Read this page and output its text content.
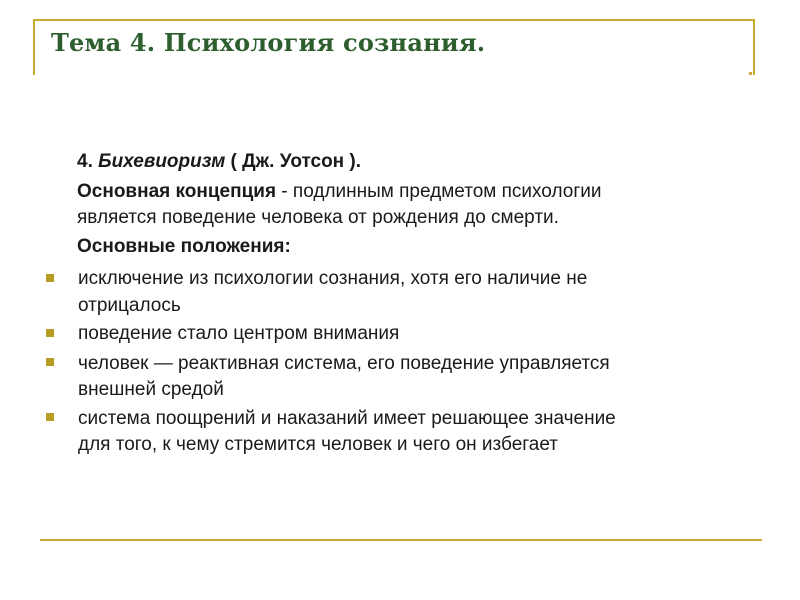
Тема 4. Психология сознания.
4. Бихевиоризм ( Дж. Уотсон ).
Основная концепция - подлинным предметом психологии
является поведение человека от рождения до смерти.
Основные положения:
исключение из психологии сознания, хотя его наличие не
отрицалось
поведение стало центром внимания
человек — реактивная система, его поведение управляется
внешней средой
система поощрений и наказаний имеет решающее значение
для того, к чему стремится человек и чего он избегает
